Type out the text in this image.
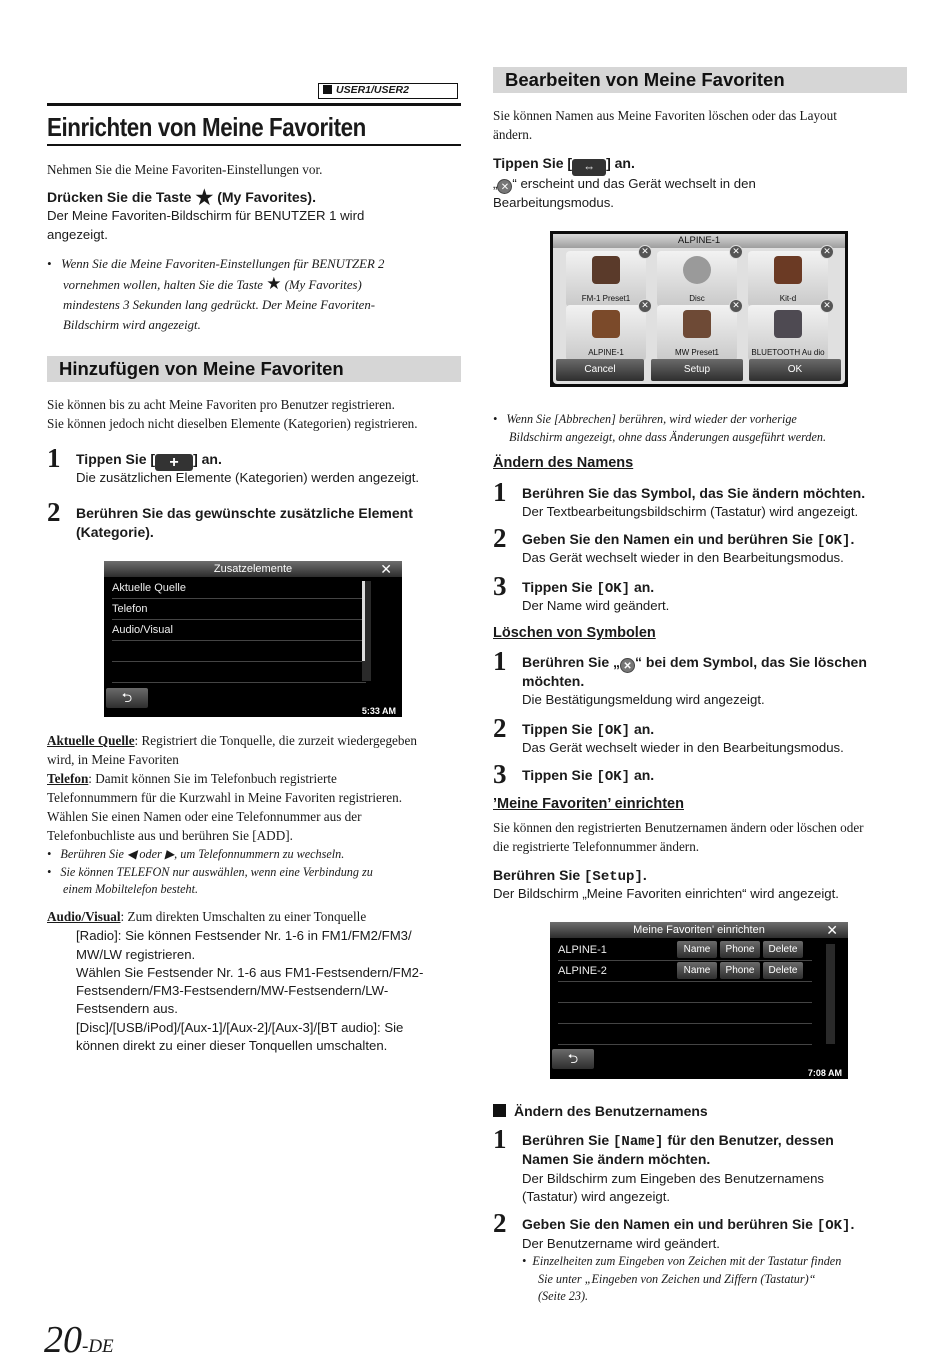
USER1/USER2
Einrichten von Meine Favoriten
Nehmen Sie die Meine Favoriten-Einstellungen vor.
Drücken Sie die Taste ★ (My Favorites).
Der Meine Favoriten-Bildschirm für BENUTZER 1 wird
angezeigt.
•   Wenn Sie die Meine Favoriten-Einstellungen für BENUTZER 2
vornehmen wollen, halten Sie die Taste ★ (My Favorites)
mindestens 3 Sekunden lang gedrückt. Der Meine Favoriten-
Bildschirm wird angezeigt.
Hinzufügen von Meine Favoriten
Sie können bis zu acht Meine Favoriten pro Benutzer registrieren.
Sie können jedoch nicht dieselben Elemente (Kategorien) registrieren.
1 Tippen Sie [ + ] an.
Die zusätzlichen Elemente (Kategorien) werden angezeigt.
2 Berühren Sie das gewünschte zusätzliche Element
(Kategorie).
Zusatzelemente	✕
Aktuelle Quelle
Telefon
Audio/Visual
⮌
5:33 AM
Aktuelle Quelle: Registriert die Tonquelle, die zurzeit wiedergegeben
wird, in Meine Favoriten
Telefon: Damit können Sie im Telefonbuch registrierte
Telefonnummern für die Kurzwahl in Meine Favoriten registrieren.
Wählen Sie einen Namen oder eine Telefonnummer aus der
Telefonbuchliste aus und berühren Sie [ADD].
•   Berühren Sie ◀ oder ▶, um Telefonnummern zu wechseln.
•   Sie können TELEFON nur auswählen, wenn eine Verbindung zu
einem Mobiltelefon besteht.
Audio/Visual: Zum direkten Umschalten zu einer Tonquelle
[Radio]: Sie können Festsender Nr. 1-6 in FM1/FM2/FM3/
MW/LW registrieren.
Wählen Sie Festsender Nr. 1-6 aus FM1-Festsendern/FM2-
Festsendern/FM3-Festsendern/MW-Festsendern/LW-
Festsendern aus.
[Disc]/[USB/iPod]/[Aux-1]/[Aux-2]/[Aux-3]/[BT audio]: Sie
können direkt zu einer dieser Tonquellen umschalten.
20-DE
Bearbeiten von Meine Favoriten
Sie können Namen aus Meine Favoriten löschen oder das Layout
ändern.
Tippen Sie [ ⇔ ] an.
„ ✕ “ erscheint und das Gerät wechselt in den
Bearbeitungsmodus.
ALPINE-1
FM-1 Preset1
✕
Disc
✕
Kit-d
✕
ALPINE-1
✕
MW Preset1
✕
BLUETOOTH Au dio
✕
Cancel	Setup	OK
•   Wenn Sie [Abbrechen] berühren, wird wieder der vorherige
Bildschirm angezeigt, ohne dass Änderungen ausgeführt werden.
Ändern des Namens
1 Berühren Sie das Symbol, das Sie ändern möchten.
Der Textbearbeitungsbildschirm (Tastatur) wird angezeigt.
2 Geben Sie den Namen ein und berühren Sie [OK].
Das Gerät wechselt wieder in den Bearbeitungsmodus.
3 Tippen Sie [OK] an.
Der Name wird geändert.
Löschen von Symbolen
1 Berühren Sie „ ✕ “ bei dem Symbol, das Sie löschen
möchten.
Die Bestätigungsmeldung wird angezeigt.
2 Tippen Sie [OK] an.
Das Gerät wechselt wieder in den Bearbeitungsmodus.
3 Tippen Sie [OK] an.
’Meine Favoriten’ einrichten
Sie können den registrierten Benutzernamen ändern oder löschen oder
die registrierte Telefonnummer ändern.
Berühren Sie [Setup].
Der Bildschirm „Meine Favoriten einrichten“ wird angezeigt.
Meine Favoriten' einrichten	✕
ALPINE-1	Name	Phone	Delete
ALPINE-2	Name	Phone	Delete
⮌
7:08 AM
Ändern des Benutzernamens
1 Berühren Sie [Name] für den Benutzer, dessen
Namen Sie ändern möchten.
Der Bildschirm zum Eingeben des Benutzernamens
(Tastatur) wird angezeigt.
2 Geben Sie den Namen ein und berühren Sie [OK].
Der Benutzername wird geändert.
•  Einzelheiten zum Eingeben von Zeichen mit der Tastatur finden
Sie unter „Eingeben von Zeichen und Ziffern (Tastatur)“
(Seite 23).
